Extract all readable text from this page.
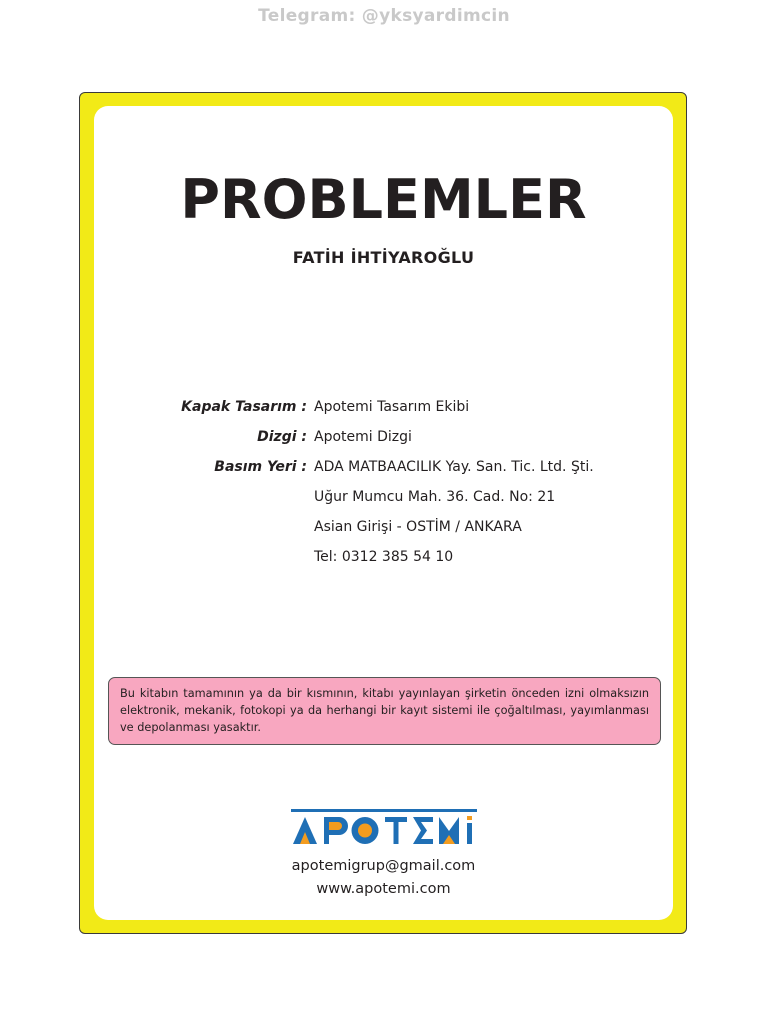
Telegram: @yksyardimcin
PROBLEMLER
FATİH İHTİYAROĞLU
Kapak Tasarım : Apotemi Tasarım Ekibi
Dizgi : Apotemi Dizgi
Basım Yeri : ADA MATBAACILIK Yay. San. Tic. Ltd. Şti.
Uğur Mumcu Mah. 36. Cad. No: 21
Asian Girişi - OSTİM / ANKARA
Tel: 0312 385 54 10
Bu kitabın tamamının ya da bir kısmının, kitabı yayınlayan şirketin önceden izni olmaksızın elektronik, mekanik, fotokopi ya da herhangi bir kayıt sistemi ile çoğaltılması, yayımlanması ve depolanması yasaktır.
apotemigrup@gmail.com
www.apotemi.com
